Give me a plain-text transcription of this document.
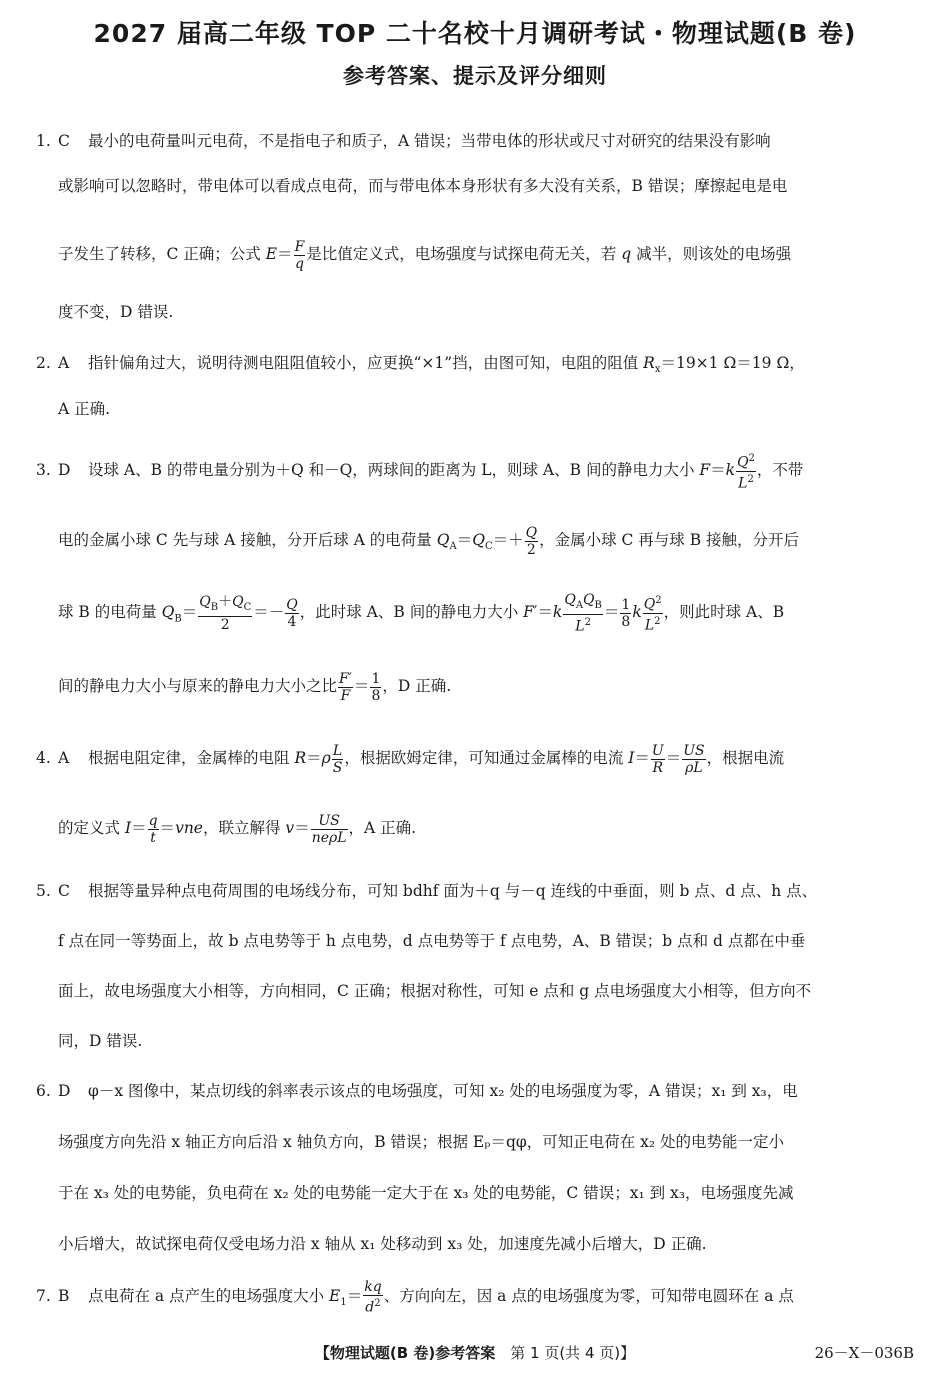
2027 届高二年级 TOP 二十名校十月调研考试・物理试题(B 卷)
参考答案、提示及评分细则
1. C 最小的电荷量叫元电荷，不是指电子和质子，A 错误；当带电体的形状或尺寸对研究的结果没有影响
或影响可以忽略时，带电体可以看成点电荷，而与带电体本身形状有多大没有关系，B 错误；摩擦起电是电
子发生了转移，C 正确；公式 $E= \frac{F}{q}$ 是比值定义式，电场强度与试探电荷无关，若 q 减半，则该处的电场强
度不变，D 错误.
2. A 指针偏角过大，说明待测电阻阻值较小，应更换“×1”挡，由图可知，电阻的阻值 $R_x=19\times 1$ Ω＝19 Ω，
A 正确.
3. D 设球 A、B 的带电量分别为＋Q 和－Q，两球间的距离为 L，则球 A、B 间的静电力大小 $F=k \frac{Q^2}{L^2}$ ，不带
电的金属小球 C 先与球 A 接触，分开后球 A 的电荷量 $Q_A=Q_C=+ \frac{Q}{2}$ ，金属小球 C 再与球 B 接触，分开后
球 B 的电荷量 $Q_B= \frac{Q_B+Q_C}{2} =- \frac{Q}{4}$ ，此时球 A、B 间的静电力大小 $F'=k \frac{Q_AQ_B}{L^2} = \frac{1}{8}$ k $\frac{Q^2}{L^2}$ ，则此时球 A、B
间的静电力大小与原来的静电力大小之比 $\frac{F'}{F} = \frac{1}{8}$ ，D 正确.
4. A 根据电阻定律，金属棒的电阻 $R=\rho \frac{L}{S}$ ，根据欧姆定律，可知通过金属棒的电流 $I= \frac{U}{R} = \frac{US}{\rho L}$ ，根据电流
的定义式 $I= \frac{q}{t} =vne$，联立解得 $v= \frac{US}{\text{neρL}}$ ，A 正确.
5. C 根据等量异种点电荷周围的电场线分布，可知 bdhf 面为＋q 与－q 连线的中垂面，则 b 点、d 点、h 点、
f 点在同一等势面上，故 b 点电势等于 h 点电势，d 点电势等于 f 点电势，A、B 错误；b 点和 d 点都在中垂
面上，故电场强度大小相等，方向相同，C 正确；根据对称性，可知 e 点和 g 点电场强度大小相等，但方向不
同，D 错误.
6. D φ－x 图像中，某点切线的斜率表示该点的电场强度，可知 x₂ 处的电场强度为零，A 错误；x₁ 到 x₃，电
场强度方向先沿 x 轴正方向后沿 x 轴负方向，B 错误；根据 Eₚ＝qφ，可知正电荷在 x₂ 处的电势能一定小
于在 x₃ 处的电势能，负电荷在 x₂ 处的电势能一定大于在 x₃ 处的电势能，C 错误；x₁ 到 x₃，电场强度先减
小后增大，故试探电荷仅受电场力沿 x 轴从 x₁ 处移动到 x₃ 处，加速度先减小后增大，D 正确.
7. B 点电荷在 a 点产生的电场强度大小 $E_1= \frac{kq}{d^2}$ 、方向向左，因 a 点的电场强度为零，可知带电圆环在 a 点
【物理试题(B 卷)参考答案　 第 1 页(共 4 页)】	26－X－036B
